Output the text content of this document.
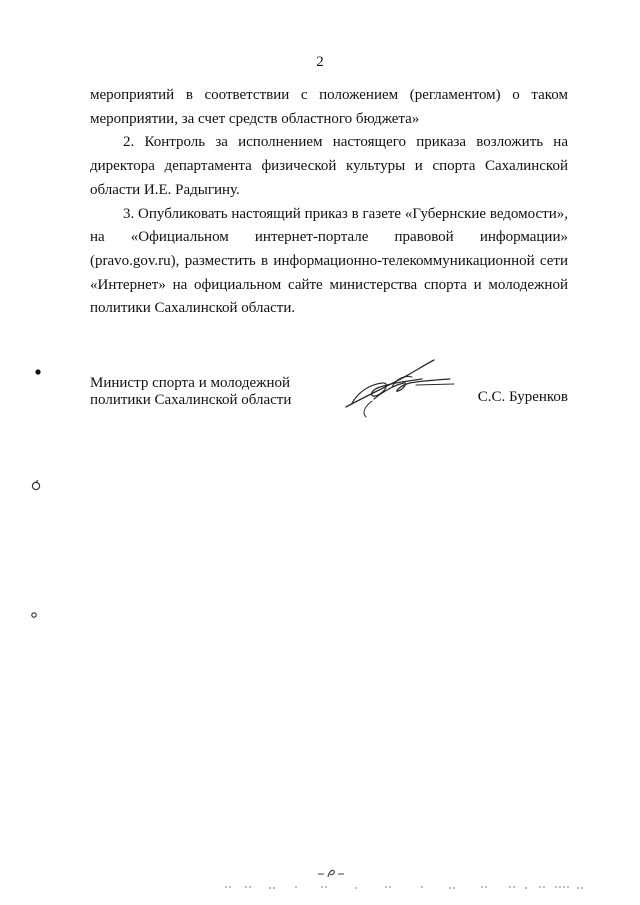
2

мероприятий в соответствии с положением (регламентом) о таком мероприятии, за счет средств областного бюджета»

2. Контроль за исполнением настоящего приказа возложить на директора департамента физической культуры и спорта Сахалинской области И.Е. Радыгину.

3. Опубликовать настоящий приказ в газете «Губернские ведомости», на «Официальном интернет-портале правовой информации» (pravo.gov.ru), разместить в информационно-телекоммуникационной сети «Интернет» на официальном сайте министерства спорта и молодежной политики Сахалинской области.

Министр спорта и молодежной
политики Сахалинской области	С.С. Буренков
